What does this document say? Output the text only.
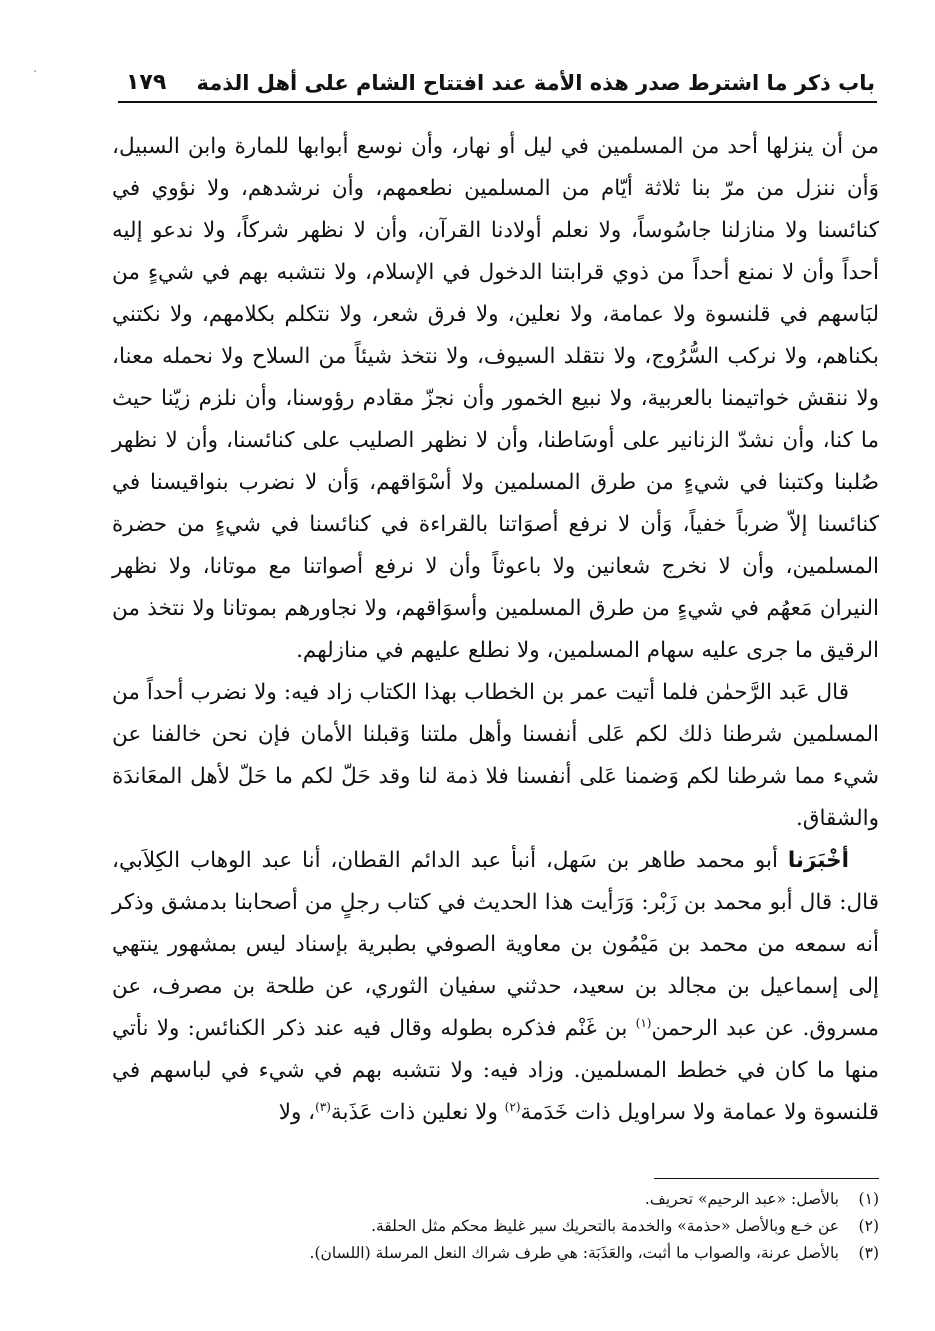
باب ذكر ما اشترط صدر هذه الأمة عند افتتاح الشام على أهل الذمة
١٧٩

من أن ينزلها أحد من المسلمين في ليل أو نهار، وأن نوسع أبوابها للمارة وابن السبيل، وَأن ننزل من مرّ بنا ثلاثة أيّام من المسلمين نطعمهم، وأن نرشدهم، ولا نؤوي في كنائسنا ولا منازلنا جاسُوساً، ولا نعلم أولادنا القرآن، وأن لا نظهر شركاً، ولا ندعو إليه أحداً وأن لا نمنع أحداً من ذوي قرابتنا الدخول في الإسلام، ولا نتشبه بهم في شيءٍ من لبَاسهم في قلنسوة ولا عمامة، ولا نعلين، ولا فرق شعر، ولا نتكلم بكلامهم، ولا نكتني بكناهم، ولا نركب السُّرُوج، ولا نتقلد السيوف، ولا نتخذ شيئاً من السلاح ولا نحمله معنا، ولا ننقش خواتيمنا بالعربية، ولا نبيع الخمور وأن نجزّ مقادم رؤوسنا، وأن نلزم زيّنا حيث ما كنا، وأن نشدّ الزنانير على أوسَاطنا، وأن لا نظهر الصليب على كنائسنا، وأن لا نظهر صُلبنا وكتبنا في شيءٍ من طرق المسلمين ولا أسْوَاقهم، وَأن لا نضرب بنواقيسنا في كنائسنا إلاّ ضرباً خفياً، وَأن لا نرفع أصوَاتنا بالقراءة في كنائسنا في شيءٍ من حضرة المسلمين، وأن لا نخرج شعانين ولا باعوثاً وأن لا نرفع أصواتنا مع موتانا، ولا نظهر النيران مَعهُم في شيءٍ من طرق المسلمين وأسوَاقهم، ولا نجاورهم بموتانا ولا نتخذ من الرقيق ما جرى عليه سهام المسلمين، ولا نطلع عليهم في منازلهم.

قال عَبد الرَّحمٰن فلما أتيت عمر بن الخطاب بهذا الكتاب زاد فيه: ولا نضرب أحداً من المسلمين شرطنا ذلك لكم عَلى أنفسنا وأهل ملتنا وَقبلنا الأمان فإن نحن خالفنا عن شيء مما شرطنا لكم وَضمنا عَلى أنفسنا فلا ذمة لنا وقد حَلّ لكم ما حَلّ لأهل المعَاندَة والشقاق.

أخْبَرَنا أبو محمد طاهر بن سَهل، أنبأ عبد الدائم القطان، أنا عبد الوهاب الكِلاَبي، قال: قال أبو محمد بن زَبْر: وَرَأيت هذا الحديث في كتاب رجلٍ من أصحابنا بدمشق وذكر أنه سمعه من محمد بن مَيْمُون بن معاوية الصوفي بطبرية بإسناد ليس بمشهور ينتهي إلى إسماعيل بن مجالد بن سعيد، حدثني سفيان الثوري، عن طلحة بن مصرف، عن مسروق. عن عبد الرحمن$^{(١)}$ بن غَنْم فذكره بطوله وقال فيه عند ذكر الكنائس: ولا نأتي منها ما كان في خطط المسلمين. وزاد فيه: ولا نتشبه بهم في شيء في لباسهم في قلنسوة ولا عمامة ولا سراويل ذات خَدَمة$^{(٢)}$ ولا نعلين ذات عَذَبة$^{(٣)}$، ولا

(١)
بالأصل: «عبد الرحيم» تحريف.
(٢)
عن خـع وبالأصل «حذمة» والخدمة بالتحريك سير غليظ محكم مثل الحلقة.
(٣)
بالأصل عرنة، والصواب ما أثبت، والعَذَبَة: هي طرف شراك النعل المرسلة (اللسان).
